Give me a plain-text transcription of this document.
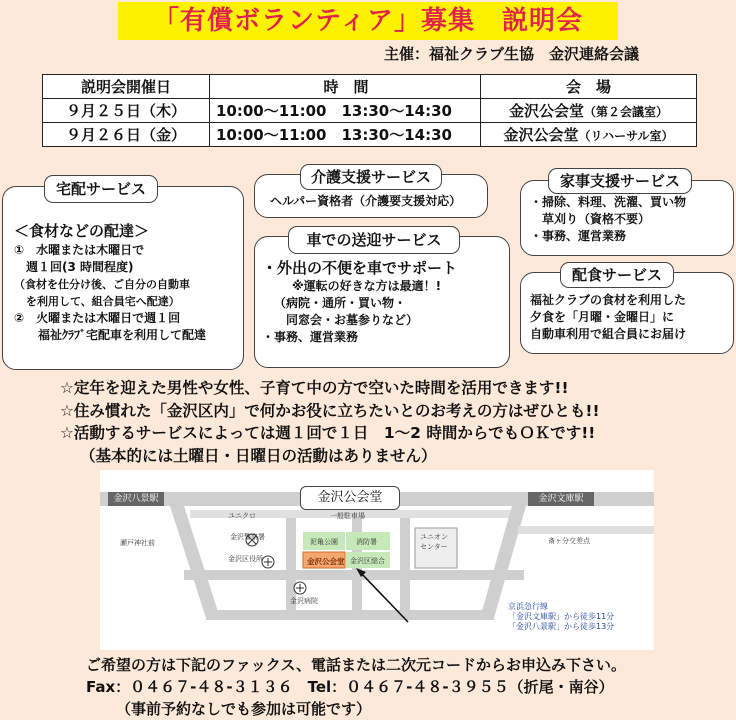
「有償ボランティア」募集　説明会
主催：福祉クラブ生協　金沢連絡会議
説明会開催日	時　間	会　場
９月２５日（木）	10:00～11:00　13:30～14:30	金沢公会堂（第２会議室）
９月２６日（金）	10:00～11:00　13:30～14:30	金沢公会堂（リハーサル室）
宅配サービス
＜食材などの配達＞
①　水曜または木曜日で
　週１回(3 時間程度)
（食材を仕分け後、ご自分の自動車
を利用して、組合員宅へ配達）
②　火曜または木曜日で週１回
　福祉ｸﾗﾌﾞ宅配車を利用して配達
介護支援サービス
ヘルパー資格者（介護要支援対応）
車での送迎サービス
・外出の不便を車でサポート
※運転の好きな方は最適！!
（病院・通所・買い物・
同窓会・お墓参りなど）
・事務、運営業務
家事支援サービス
・掃除、料理、洗濯、買い物
草刈り（資格不要）
・事務、運営業務
配食サービス
福祉クラブの食材を利用した
夕食を「月曜・金曜日」に
自動車利用で組合員にお届け
☆定年を迎えた男性や女性、子育て中の方で空いた時間を活用できます!!
☆住み慣れた「金沢区内」で何かお役に立ちたいとのお考えの方はぜひとも!!
☆活動するサービスによっては週１回で１日　1～2 時間からでもＯＫです!!
（基本的には土曜日・日曜日の活動はありません）
金沢公会堂
金沢八景駅	金沢文庫駅
ユニクロ	一般駐車場
瀬戸神社前
金沢警察署
金沢区役所
金沢病院
泥亀公園	消防署
金沢公会堂 金沢区総合
ユニオンセンター
斎ヶ分交差点
京浜急行線
「金沢文庫駅」から徒歩11分
「金沢八景駅」から徒歩13分
ご希望の方は下記のファックス、電話または二次元コードからお申込み下さい。
Fax：０４６７-４８-３１３６　Tel：０４６７-４８-３９５５（折尾・南谷）
（事前予約なしでも参加は可能です）
